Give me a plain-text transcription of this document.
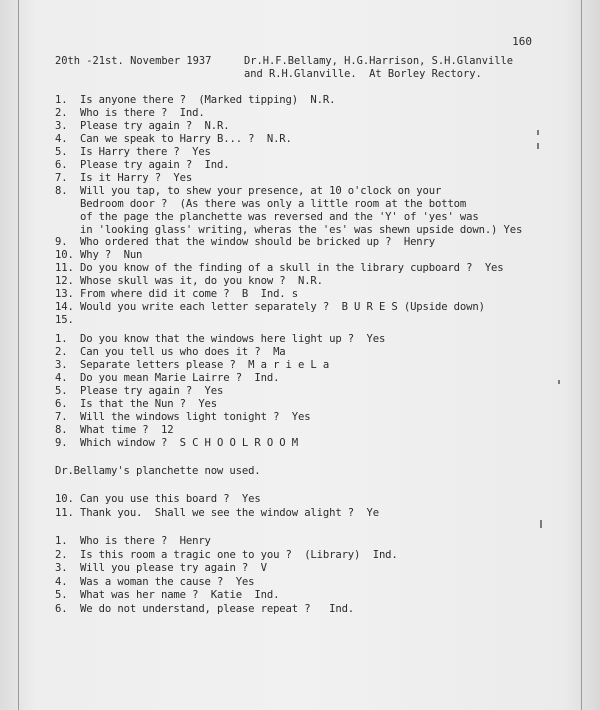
160
20th -21st. November 1937	Dr.H.F.Bellamy, H.G.Harrison, S.H.Glanville
and R.H.Glanville.  At Borley Rectory.
1. Is anyone there ?  (Marked tipping)  N.R.
2. Who is there ?  Ind.
3. Please try again ?  N.R.
4. Can we speak to Harry B... ?  N.R.
5. Is Harry there ?  Yes
6. Please try again ?  Ind.
7. Is it Harry ?  Yes
8. Will you tap, to shew your presence, at 10 o'clock on your
Bedroom door ?  (As there was only a little room at the bottom
of the page the planchette was reversed and the 'Y' of 'yes' was
in 'looking glass' writing, wheras the 'es' was shewn upside down.) Yes
9. Who ordered that the window should be bricked up ?  Henry
10. Why ?  Nun
11. Do you know of the finding of a skull in the library cupboard ?  Yes
12. Whose skull was it, do you know ?  N.R.
13. From where did it come ?  B  Ind. s
14. Would you write each letter separately ?  B U R E S (Upside down)
15.
1. Do you know that the windows here light up ?  Yes
2. Can you tell us who does it ?  Ma
3. Separate letters please ?  M a r i e L a
4. Do you mean Marie Lairre ?  Ind.
5. Please try again ?  Yes
6. Is that the Nun ?  Yes
7. Will the windows light tonight ?  Yes
8. What time ?  12
9. Which window ?  S C H O O L R O O M
Dr.Bellamy's planchette now used.
10. Can you use this board ?  Yes
11. Thank you.  Shall we see the window alight ?  Ye
1. Who is there ?  Henry
2. Is this room a tragic one to you ?  (Library)  Ind.
3. Will you please try again ?  V
4. Was a woman the cause ?  Yes
5. What was her name ?  Katie  Ind.
6. We do not understand, please repeat ?   Ind.
